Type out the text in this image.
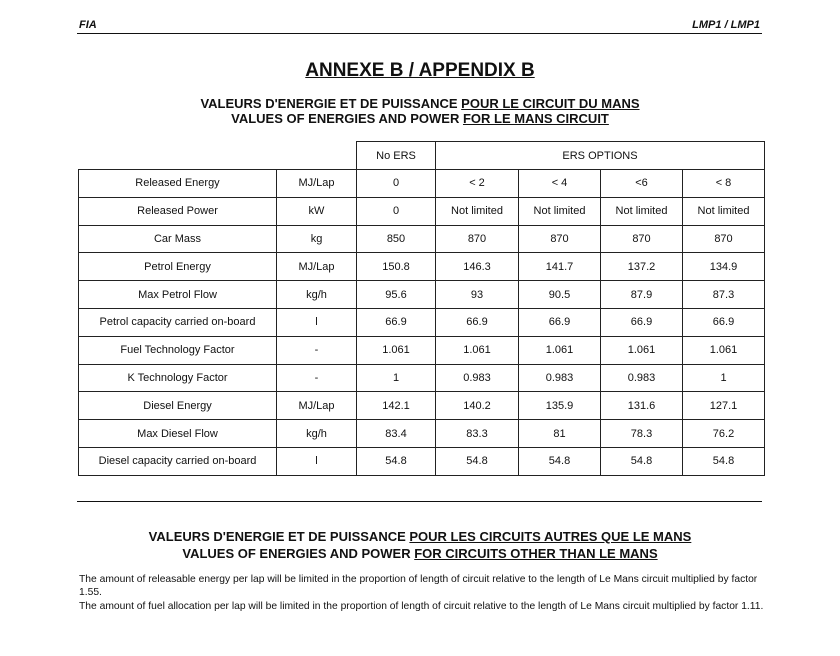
FIA	LMP1 / LMP1
ANNEXE B / APPENDIX B
VALEURS D'ENERGIE ET DE PUISSANCE POUR LE CIRCUIT DU MANS
VALUES OF ENERGIES AND POWER FOR LE MANS CIRCUIT
		No ERS	ERS OPTIONS			
Released Energy	MJ/Lap	0	< 2	< 4	<6	< 8
Released Power	kW	0	Not limited	Not limited	Not limited	Not limited
Car Mass	kg	850	870	870	870	870
Petrol Energy	MJ/Lap	150.8	146.3	141.7	137.2	134.9
Max Petrol Flow	kg/h	95.6	93	90.5	87.9	87.3
Petrol capacity carried on-board	l	66.9	66.9	66.9	66.9	66.9
Fuel Technology Factor	-	1.061	1.061	1.061	1.061	1.061
K Technology Factor	-	1	0.983	0.983	0.983	1
Diesel Energy	MJ/Lap	142.1	140.2	135.9	131.6	127.1
Max Diesel Flow	kg/h	83.4	83.3	81	78.3	76.2
Diesel capacity carried on-board	l	54.8	54.8	54.8	54.8	54.8
VALEURS D'ENERGIE ET DE PUISSANCE POUR LES CIRCUITS AUTRES QUE LE MANS
VALUES OF ENERGIES AND POWER FOR CIRCUITS OTHER THAN LE MANS
The amount of releasable energy per lap will be limited in the proportion of length of circuit relative to the length of Le Mans circuit multiplied by factor 1.55.
The amount of fuel allocation per lap will be limited in the proportion of length of circuit relative to the length of Le Mans circuit multiplied by factor 1.11.
